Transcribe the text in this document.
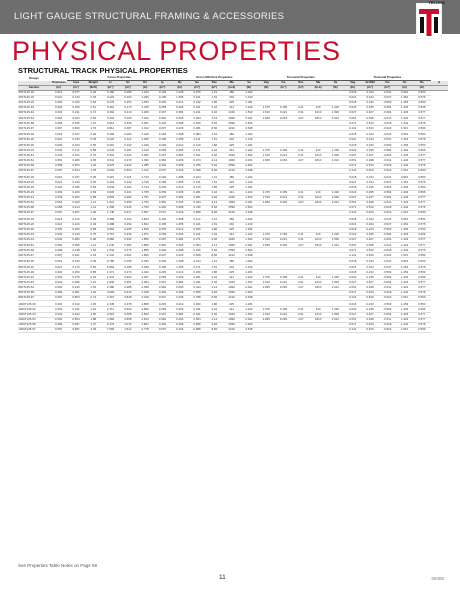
LIGHT GAUGE STRUCTURAL FRAMING & ACCESSORIES
TELLING
PHYSICAL PROPERTIES
STRUCTURAL TRACK PHYSICAL PROPERTIES
Design		Gross Properties						Gross Effective Properties					Torsional Properties					Torsional Properties					
	Thickness	Area	Weight	Ix	Sx	Rx	Iy	Ry	Ixe	Sxe	Ma	Va	Vag	Ixe	Sxe	Ma	Va	Vag	Jx1000	Cw	Xo	Ro	β
Section	(in)	(in²)	(lb/ft)	(in⁴)	(in³)	(in)	(in⁴)	(in)	(in⁴)	(in³)	(in-k)	(lb)	(lb)	(in⁴)	(in³)	(in-k)	(lb)	(lb)	(in⁴)	(in⁶)	(in)	(in)	
362T125-18	0.019	0.077	0.26	0.156	0.086	1.423	0.194	1.428	0.076	1.21	180	1.022						0.018	0.194	-0.641	0.961	0.553	
362T125-20	0.021	0.133	0.45	0.224	0.104	1.296	0.195	1.455	0.101	1.51	204	1.133						0.021	0.344	-0.547	1.361	0.576	
362T125-30	0.030	0.152	0.52	0.279	0.154	1.354	0.245	0.412	0.132	1.86	225	1.181						0.018	0.233	-0.563	1.453	0.553	
362T125-33	0.033	0.150	0.51	0.316	0.173	1.345	0.259	0.405	0.161	2.42	414	1.222	1.376	0.159	2.21	410	1.220	0.022	0.335	-0.594	1.404	0.566	
362T125-43	0.043	0.211	0.72	0.391	0.213	1.360	0.307	0.384	0.211	3.46	1040	1.522	1.516	0.221	3.31	1010	1.500	0.027	0.407	-0.604	1.433	0.577	
362T125-54	0.054	0.264	0.90	0.491	0.269	1.342	0.381	0.405	0.264	4.14	1960	2.021	1.845	0.263	4.07	1810	2.021	0.051	0.498	-0.611	1.424	0.577	
362T125-68	0.068	0.335	1.14	0.615	0.330	1.361	0.440	0.398	0.325	5.62	2590	2.524						0.071	0.543	-0.618	1.442	0.576	
362T125-97	0.097	0.500	1.70	0.814	0.487	1.312	0.637	0.426	0.481	8.66	4210	3.648						0.141	0.810	-0.622	1.510	0.590	

400T125-18	0.019	0.107	0.26	0.183	0.094	1.440	0.194	1.398	0.084	1.21	180	1.022						0.018	0.194	-0.641	0.961	0.553	
400T125-20	0.021	0.133	0.45	0.224	0.112	1.296	0.195	1.455	0.111	1.51	204	1.133						0.021	0.344	-0.547	1.361	0.576	
400T125-30	0.030	0.163	0.55	0.301	0.162	1.429	0.245	0.412	0.140	1.86	225	1.181						0.018	0.233	-0.563	1.453	0.553	
400T125-33	0.033	0.171	0.58	0.343	0.181	1.410	0.259	0.405	0.171	2.42	414	1.222	1.376	0.159	2.21	410	1.220	0.022	0.335	-0.594	1.404	0.566	
400T125-43	0.043	0.222	0.76	0.431	0.222	1.393	0.307	0.384	0.221	3.46	1040	1.522	1.516	0.221	3.31	1010	1.500	0.027	0.407	-0.604	1.433	0.577	
400T125-54	0.054	0.280	0.95	0.541	0.279	1.390	0.381	0.405	0.274	4.14	1960	2.021	1.845	0.263	4.07	1810	2.021	0.051	0.498	-0.611	1.424	0.577	
400T125-68	0.068	0.354	1.20	0.679	0.343	1.385	0.440	0.398	0.336	5.62	2590	2.524						0.071	0.543	-0.618	1.442	0.576	
400T125-97	0.097	0.524	1.78	0.903	0.503	1.312	0.637	0.426	0.498	8.66	4210	3.648						0.141	0.810	-0.622	1.510	0.590	

550T125-18	0.019	0.107	0.36	0.315	0.116	1.713	0.194	1.398	0.104	1.21	180	1.022						0.018	0.194	-0.641	0.961	0.553	
550T125-20	0.021	0.133	0.45	0.404	0.142	1.746	0.195	1.455	0.131	1.51	204	1.133						0.021	0.344	-0.547	1.361	0.576	
550T125-30	0.030	0.185	0.63	0.544	0.192	1.713	0.245	0.412	0.170	1.86	225	1.181						0.018	0.233	-0.563	1.453	0.553	
550T125-33	0.033	0.203	0.69	0.633	0.221	1.765	0.259	0.405	0.201	2.42	414	1.222	1.376	0.159	2.21	410	1.220	0.022	0.335	-0.594	1.404	0.566	
550T125-43	0.043	0.262	0.89	0.803	0.282	1.751	0.307	0.384	0.261	3.46	1040	1.522	1.516	0.221	3.31	1010	1.500	0.027	0.407	-0.604	1.433	0.577	
550T125-54	0.054	0.329	1.12	1.021	0.359	1.762	0.381	0.405	0.344	4.14	1960	2.021	1.845	0.263	4.07	1810	2.021	0.051	0.498	-0.611	1.424	0.577	
550T125-68	0.068	0.414	1.41	1.268	0.446	1.750	0.440	0.398	0.416	5.62	2590	2.524						0.071	0.543	-0.618	1.442	0.576	
550T125-97	0.097	0.607	2.06	1.748	0.617	1.697	0.637	0.426	0.598	8.66	4210	3.648						0.141	0.810	-0.622	1.510	0.590	

600T125-18	0.019	0.116	0.39	0.386	0.124	1.824	0.194	1.398	0.114	1.21	180	1.022						0.018	0.194	-0.641	0.961	0.553	
600T125-20	0.021	0.144	0.49	0.488	0.152	1.841	0.195	1.455	0.141	1.51	204	1.133						0.021	0.344	-0.547	1.361	0.576	
600T125-30	0.030	0.200	0.68	0.662	0.205	1.819	0.245	0.412	0.180	1.86	225	1.181						0.018	0.233	-0.563	1.453	0.553	
600T125-33	0.033	0.219	0.75	0.767	0.236	1.871	0.259	0.405	0.211	2.42	414	1.222	1.376	0.159	2.21	410	1.220	0.022	0.335	-0.594	1.404	0.566	
600T125-43	0.043	0.284	0.96	0.982	0.302	1.859	0.307	0.384	0.271	3.46	1040	1.522	1.516	0.221	3.31	1010	1.500	0.027	0.407	-0.604	1.433	0.577	
600T125-54	0.054	0.356	1.21	1.240	0.384	1.866	0.381	0.405	0.354	4.14	1960	2.021	1.845	0.263	4.07	1810	2.021	0.051	0.498	-0.611	1.424	0.577	
600T125-68	0.068	0.448	1.52	1.542	0.476	1.855	0.440	0.398	0.436	5.62	2590	2.524						0.071	0.543	-0.618	1.442	0.576	
600T125-97	0.097	0.641	2.18	2.134	0.661	1.825	0.637	0.426	0.628	8.66	4210	3.648						0.141	0.810	-0.622	1.510	0.590	

800T125-18	0.019	0.145	0.49	0.789	0.165	2.333	0.194	1.398	0.144	1.21	180	1.022						0.018	0.194	-0.641	0.961	0.553	
800T125-20	0.021	0.176	0.60	0.954	0.188	2.328	0.195	1.455	0.171	1.51	204	1.133						0.021	0.344	-0.547	1.361	0.576	
800T125-30	0.030	0.250	0.85	1.371	0.270	2.342	0.245	0.412	0.230	1.86	225	1.181						0.018	0.233	-0.563	1.453	0.553	
800T125-33	0.033	0.275	0.94	1.541	0.302	2.367	0.259	0.405	0.261	2.42	414	1.222	1.376	0.159	2.21	410	1.220	0.022	0.335	-0.594	1.404	0.566	
800T125-43	0.043	0.356	1.21	1.990	0.391	2.364	0.307	0.384	0.331	3.46	1040	1.522	1.516	0.221	3.31	1010	1.500	0.027	0.407	-0.604	1.433	0.577	
800T125-54	0.054	0.446	1.52	2.480	0.488	2.358	0.381	0.405	0.444	4.14	1960	2.021	1.845	0.263	4.07	1810	2.021	0.051	0.498	-0.611	1.424	0.577	
800T125-68	0.068	0.561	1.91	3.093	0.610	2.348	0.440	0.398	0.556	5.62	2590	2.524						0.071	0.543	-0.618	1.442	0.576	
800T125-97	0.097	0.803	2.73	4.315	0.848	2.318	0.637	0.426	0.798	8.66	4210	3.648						0.141	0.810	-0.622	1.510	0.590	

1000T125-30	0.030	0.310	1.05	2.445	0.478	2.808	0.245	0.412	0.290	1.86	225	1.181						0.018	0.233	-0.563	1.453	0.553	
1000T125-33	0.033	0.341	1.16	2.712	0.530	2.820	0.259	0.405	0.331	2.42	414	1.222	1.376	0.159	2.21	410	1.220	0.022	0.335	-0.594	1.404	0.566	
1000T125-43	0.043	0.442	1.50	3.515	0.688	2.820	0.307	0.384	0.421	3.46	1040	1.522	1.516	0.221	3.31	1010	1.500	0.027	0.407	-0.604	1.433	0.577	
1000T125-54	0.054	0.554	1.88	4.384	0.858	2.813	0.381	0.405	0.554	4.14	1960	2.021	1.845	0.263	4.07	1810	2.021	0.051	0.498	-0.611	1.424	0.577	
1000T125-68	0.068	0.697	2.37	5.479	1.074	2.804	0.440	0.398	0.696	5.62	2590	2.524						0.071	0.543	-0.618	1.442	0.576	
1000T125-97	0.097	0.997	3.39	7.693	1.512	2.778	0.637	0.426	0.998	8.66	4210	3.648						0.141	0.810	-0.622	1.510	0.590	
See Properties Table Notes on Page 59
11	05400
